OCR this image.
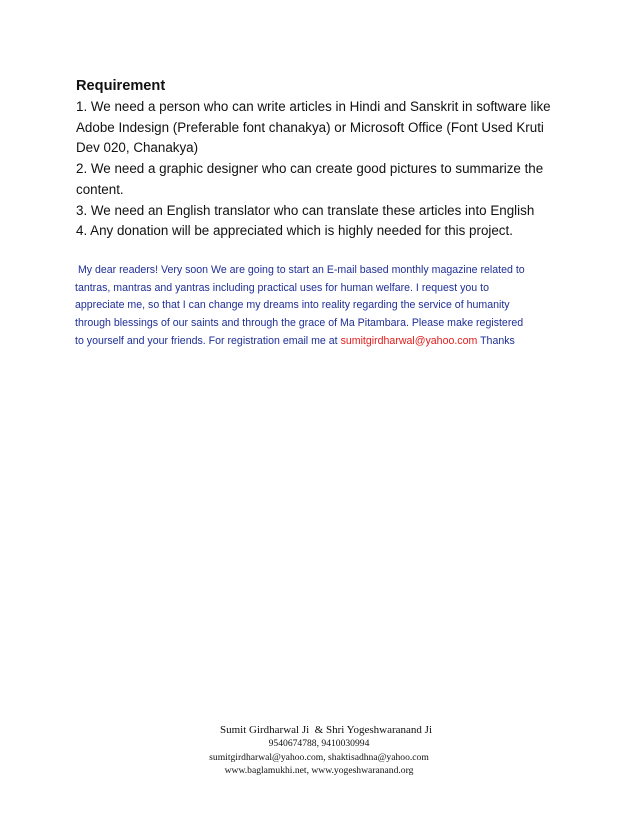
Requirement

1. We need a person who can write articles in Hindi and Sanskrit in software like

Adobe Indesign (Preferable font chanakya) or Microsoft Office (Font Used Kruti

Dev 020, Chanakya)

2. We need a graphic designer who can create good pictures to summarize the

content.

3. We need an English translator who can translate these articles into English

4. Any donation will be appreciated which is highly needed for this project.

My dear readers! Very soon We are going to start an E-mail based monthly magazine related to

tantras, mantras and yantras including practical uses for human welfare. I request you to

appreciate me, so that I can change my dreams into reality regarding the service of humanity

through blessings of our saints and through the grace of Ma Pitambara. Please make registered

to yourself and your friends. For registration email me at sumitgirdharwal@yahoo.com Thanks

Sumit Girdharwal Ji  & Shri Yogeshwaranand Ji

9540674788, 9410030994

sumitgirdharwal@yahoo.com, shaktisadhna@yahoo.com

www.baglamukhi.net, www.yogeshwaranand.org
